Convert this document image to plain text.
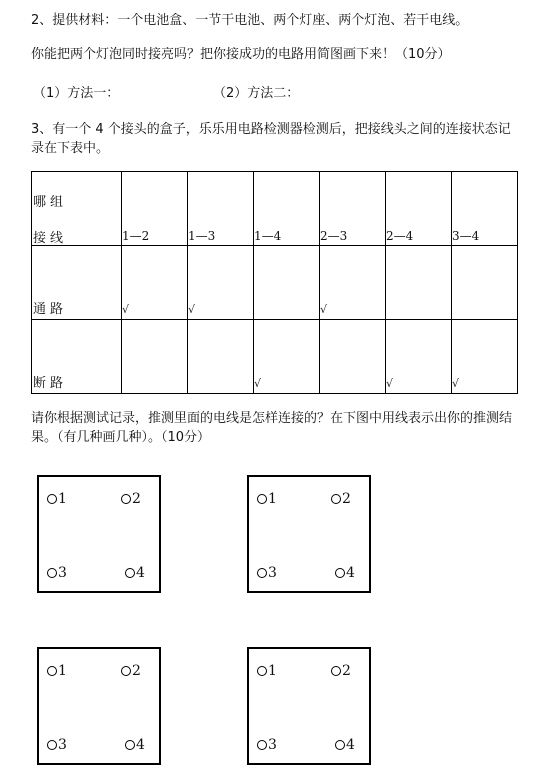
2、提供材料：一个电池盒、一节干电池、两个灯座、两个灯泡、若干电线。
你能把两个灯泡同时接亮吗？把你接成功的电路用简图画下来！（10分）
（1）方法一：	（2）方法二：
3、有一个 4 个接头的盒子，乐乐用电路检测器检测后，把接线头之间的连接状态记录在下表中。
哪组
接线	1—2	1—3	1—4	2—3	2—4	3—4

通路	√	√		√		

断路			√		√	√
请你根据测试记录，推测里面的电线是怎样连接的？在下图中用线表示出你的推测结果。（有几种画几种）。（10分）
1	2
3	4
1	2
3	4
1	2
3	4
1	2
3	4
